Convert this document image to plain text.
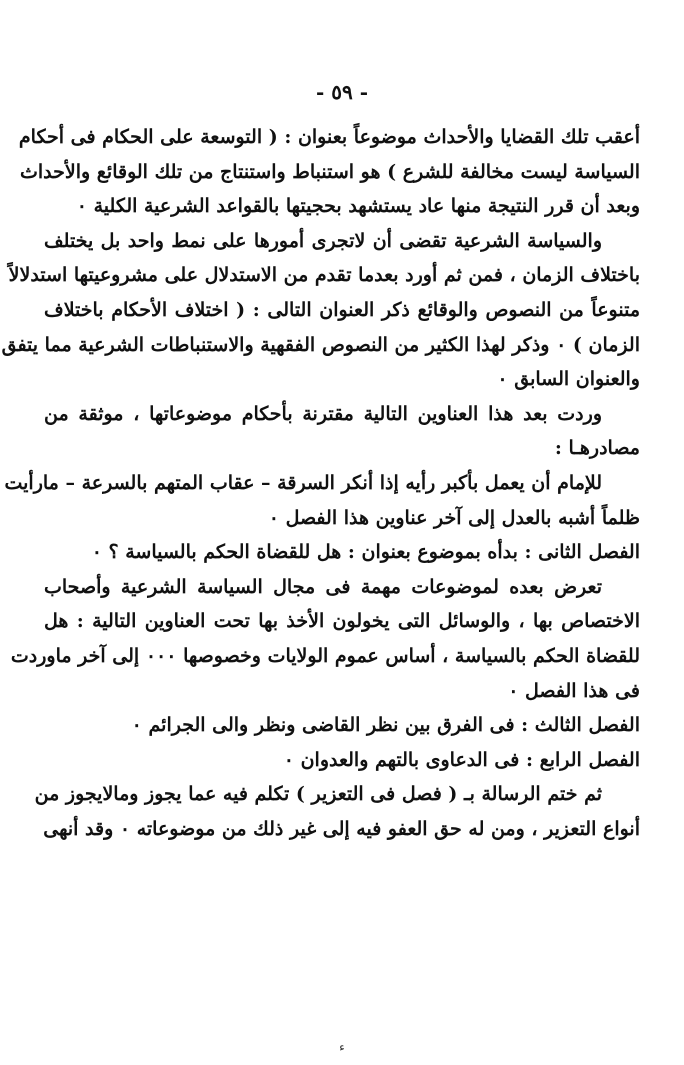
- ٥٩ -
أعقب تلك القضايا والأحداث موضوعاً بعنوان : ( التوسعة على الحكام فى أحكام
السياسة ليست مخالفة للشرع ) هو استنباط واستنتاج من تلك الوقائع والأحداث
وبعد أن قرر النتيجة منها عاد يستشهد بحجيتها بالقواعد الشرعية الكلية ٠
والسياسة الشرعية تقضى أن لاتجرى أمورها على نمط واحد بل يختلف
باختلاف الزمان ، فمن ثم أورد بعدما تقدم من الاستدلال على مشروعيتها استدلالاً
متنوعاً من النصوص والوقائع ذكر العنوان التالى : ( اختلاف الأحكام باختلاف
الزمان ) ٠ وذكر لهذا الكثير من النصوص الفقهية والاستنباطات الشرعية مما يتفق
والعنوان السابق ٠
وردت بعد هذا العناوين التالية مقترنة بأحكام موضوعاتها ، موثقة من
مصادرهـا :
للإمام أن يعمل بأكبر رأيه إذا أنكر السرقة – عقاب المتهم بالسرعة – مارأيت
ظلماً أشبه بالعدل إلى آخر عناوين هذا الفصل ٠
الفصل الثانى : بدأه بموضوع بعنوان : هل للقضاة الحكم بالسياسة ؟ ٠
تعرض بعده لموضوعات مهمة فى مجال السياسة الشرعية وأصحاب
الاختصاص بها ، والوسائل التى يخولون الأخذ بها تحت العناوين التالية : هل
للقضاة الحكم بالسياسة ، أساس عموم الولايات وخصوصها ٠٠٠ إلى آخر ماوردت
فى هذا الفصل ٠
الفصل الثالث : فى الفرق بين نظر القاضى ونظر والى الجرائم ٠
الفصل الرابع : فى الدعاوى بالتهم والعدوان ٠
ثم ختم الرسالة بـ ( فصل فى التعزير ) تكلم فيه عما يجوز ومالايجوز من
أنواع التعزير ، ومن له حق العفو فيه إلى غير ذلك من موضوعاته ٠ وقد أنهى
ء
